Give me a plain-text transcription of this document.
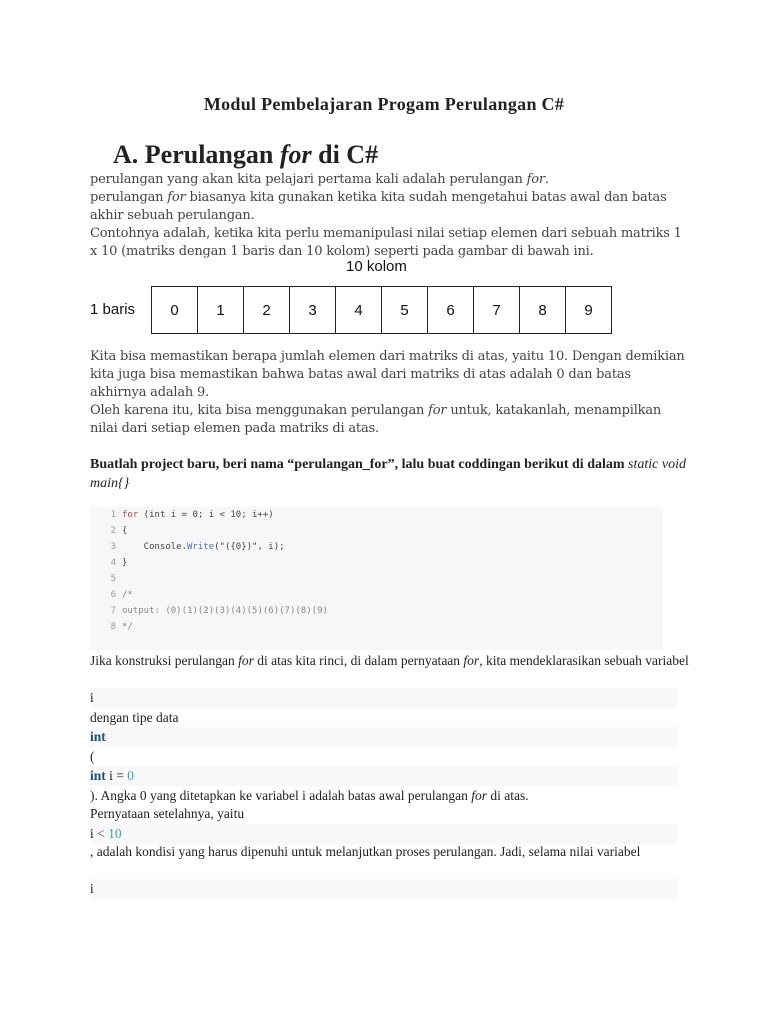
Modul Pembelajaran Progam Perulangan C#
A. Perulangan for di C#
perulangan yang akan kita pelajari pertama kali adalah perulangan for.
perulangan for biasanya kita gunakan ketika kita sudah mengetahui batas awal dan batas akhir sebuah perulangan.
Contohnya adalah, ketika kita perlu memanipulasi nilai setiap elemen dari sebuah matriks 1 x 10 (matriks dengan 1 baris dan 10 kolom) seperti pada gambar di bawah ini.
10 kolom
1 baris	0	1	2	3	4	5	6	7	8	9
Kita bisa memastikan berapa jumlah elemen dari matriks di atas, yaitu 10. Dengan demikian kita juga bisa memastikan bahwa batas awal dari matriks di atas adalah 0 dan batas akhirnya adalah 9.
Oleh karena itu, kita bisa menggunakan perulangan for untuk, katakanlah, menampilkan nilai dari setiap elemen pada matriks di atas.
Buatlah project baru, beri nama “perulangan_for”, lalu buat coddingan berikut di dalam static void main{}
1 for (int i = 0; i < 10; i++)
2 {
3 Console.Write("({0})", i);
4 }
5
6 /*
7 output: (0)(1)(2)(3)(4)(5)(6)(7)(8)(9)
8 */
Jika konstruksi perulangan for di atas kita rinci, di dalam pernyataan for, kita mendeklarasikan sebuah variabel
i
dengan tipe data
int
(
int i = 0
). Angka 0 yang ditetapkan ke variabel i adalah batas awal perulangan for di atas.
Pernyataan setelahnya, yaitu
i < 10
, adalah kondisi yang harus dipenuhi untuk melanjutkan proses perulangan. Jadi, selama nilai variabel
i
